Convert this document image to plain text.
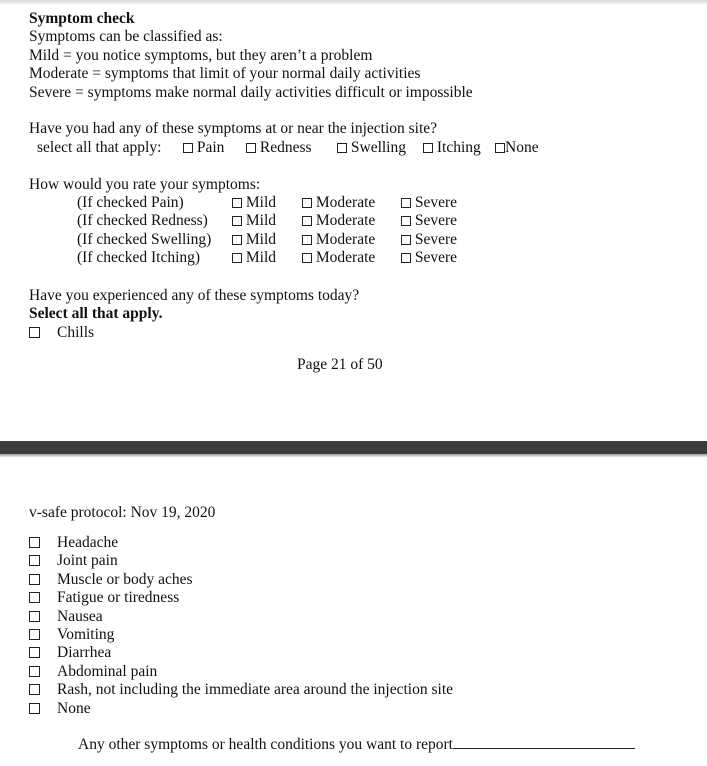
Symptom check
Symptoms can be classified as:
Mild = you notice symptoms, but they aren’t a problem
Moderate = symptoms that limit of your normal daily activities
Severe = symptoms make normal daily activities difficult or impossible
Have you had any of these symptoms at or near the injection site?
select all that apply:	Pain	Redness	Swelling	Itching	None
How would you rate your symptoms:
(If checked Pain)	Mild	Moderate	Severe
(If checked Redness)	Mild	Moderate	Severe
(If checked Swelling)	Mild	Moderate	Severe
(If checked Itching)	Mild	Moderate	Severe
Have you experienced any of these symptoms today?
Select all that apply.
Chills
Page 21 of 50
v-safe protocol: Nov 19, 2020
Headache
Joint pain
Muscle or body aches
Fatigue or tiredness
Nausea
Vomiting
Diarrhea
Abdominal pain
Rash, not including the immediate area around the injection site
None
Any other symptoms or health conditions you want to report
